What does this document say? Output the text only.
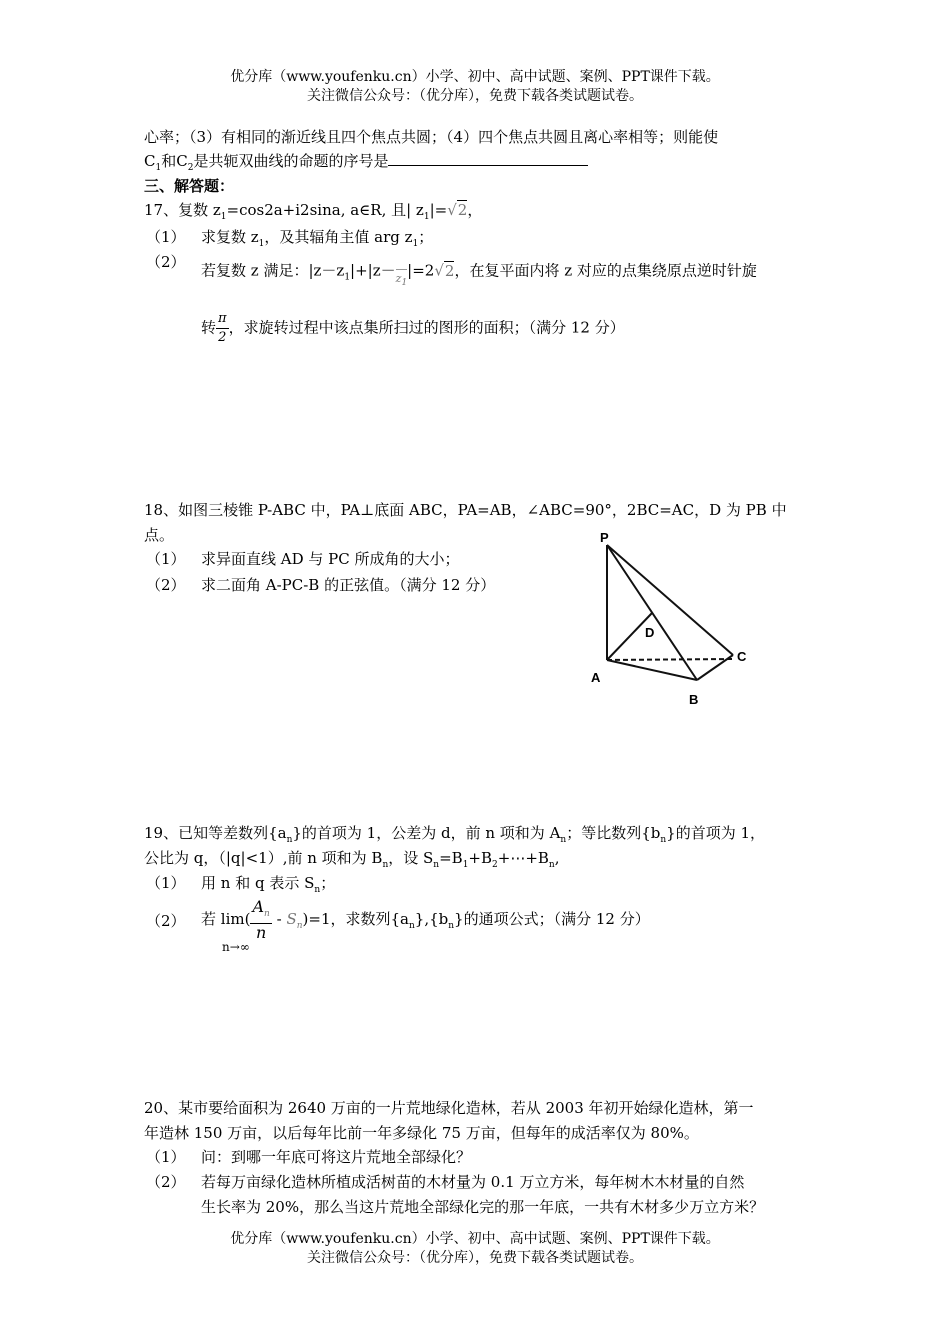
优分库（www.youfenku.cn）小学、初中、高中试题、案例、PPT课件下载。
关注微信公众号：（优分库），免费下载各类试题试卷。
心率；（3）有相同的渐近线且四个焦点共圆；（4）四个焦点共圆且离心率相等；则能使
$C_1$和$C_2$是共轭双曲线的命题的序号是
三、解答题：
17、复数 $z_1=\cos 2a+i2\sin a$, a∈R, 且| $z_1|=√2$，
（1） 求复数 $z_1$，及其辐角主值 arg $z_1$；
（2） 若复数 z 满足：$|z-z_1|+|z-$
$z_1$
|=2√2，在复平面内将 z 对应的点集绕原点逆时针旋
转 $\frac{\pi}{2}$ ，求旋转过程中该点集所扫过的图形的面积；（满分 12 分）
18、如图三棱锥 P-ABC 中，PA⊥底面 ABC，PA=AB，∠ABC=90°，2BC=AC，D 为 PB 中
点。
（1） 求异面直线 AD 与 PC 所成角的大小；
（2） 求二面角 A-PC-B 的正弦值。（满分 12 分）
P
D
C
A
B
19、已知等差数列$\{a_n\}$的首项为 1，公差为 d，前 n 项和为 $A_n$；等比数列$\{b_n\}$的首项为 1，
公比为 q，（|q|<1）,前 n 项和为 $B_n$，设 $S_n=B_1+B_2+\cdots+B_n$,
（1） 用 n 和 q 表示 $S_n$；
（2） 若 $\lim( \frac{A_n}{n} - S_n)=1$，求数列$\{a_n\},\{b_n\}$的通项公式；（满分 12 分）
n→∞
20、某市要给面积为 2640 万亩的一片荒地绿化造林，若从 2003 年初开始绿化造林，第一
年造林 150 万亩，以后每年比前一年多绿化 75 万亩，但每年的成活率仅为 80%。
（1） 问：到哪一年底可将这片荒地全部绿化？
（2） 若每万亩绿化造林所植成活树苗的木材量为 0.1 万立方米，每年树木木材量的自然
生长率为 20%，那么当这片荒地全部绿化完的那一年底，一共有木材多少万立方米？
优分库（www.youfenku.cn）小学、初中、高中试题、案例、PPT课件下载。
关注微信公众号：（优分库），免费下载各类试题试卷。
